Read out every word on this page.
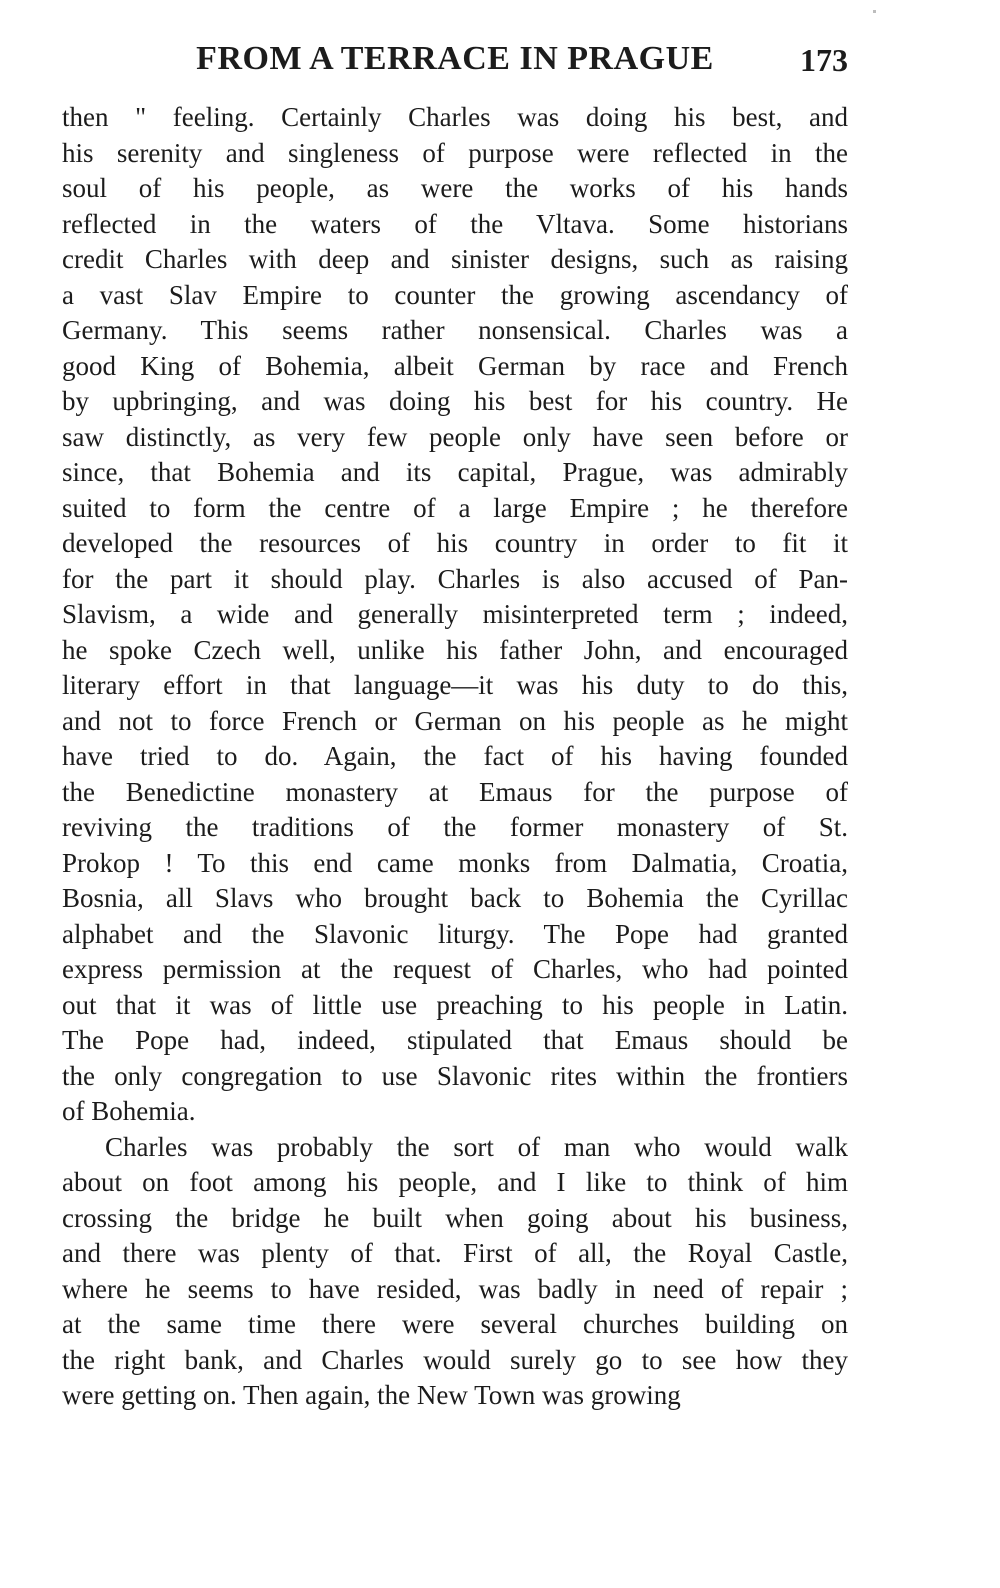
FROM A TERRACE IN PRAGUE	173
then " feeling. Certainly Charles was doing his best, and
his serenity and singleness of purpose were reflected in the
soul of his people, as were the works of his hands
reflected in the waters of the Vltava. Some historians
credit Charles with deep and sinister designs, such as raising
a vast Slav Empire to counter the growing ascendancy of
Germany. This seems rather nonsensical. Charles was a
good King of Bohemia, albeit German by race and French
by upbringing, and was doing his best for his country. He
saw distinctly, as very few people only have seen before or
since, that Bohemia and its capital, Prague, was admirably
suited to form the centre of a large Empire ; he therefore
developed the resources of his country in order to fit it
for the part it should play. Charles is also accused of Pan-
Slavism, a wide and generally misinterpreted term ; indeed,
he spoke Czech well, unlike his father John, and encouraged
literary effort in that language—it was his duty to do this,
and not to force French or German on his people as he might
have tried to do. Again, the fact of his having founded
the Benedictine monastery at Emaus for the purpose of
reviving the traditions of the former monastery of St.
Prokop ! To this end came monks from Dalmatia, Croatia,
Bosnia, all Slavs who brought back to Bohemia the Cyrillac
alphabet and the Slavonic liturgy. The Pope had granted
express permission at the request of Charles, who had pointed
out that it was of little use preaching to his people in Latin.
The Pope had, indeed, stipulated that Emaus should be
the only congregation to use Slavonic rites within the frontiers
of Bohemia.
Charles was probably the sort of man who would walk
about on foot among his people, and I like to think of him
crossing the bridge he built when going about his business,
and there was plenty of that. First of all, the Royal Castle,
where he seems to have resided, was badly in need of repair ;
at the same time there were several churches building on
the right bank, and Charles would surely go to see how they
were getting on. Then again, the New Town was growing
